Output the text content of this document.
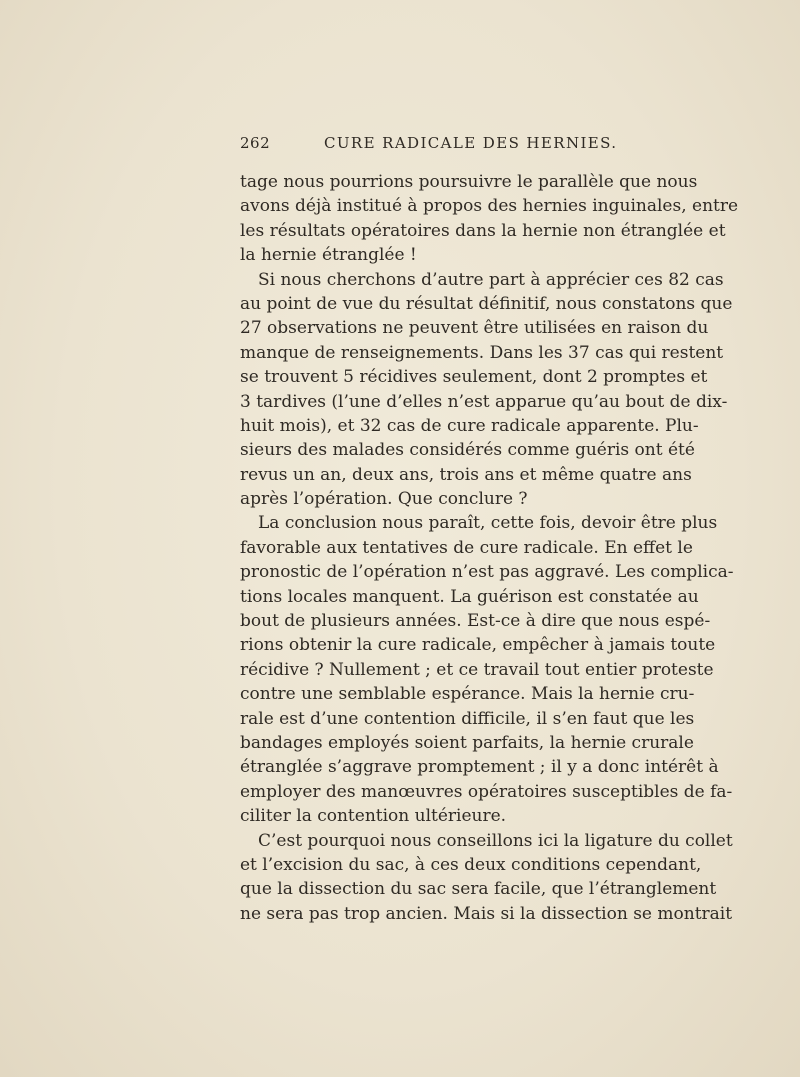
262	CURE RADICALE DES HERNIES.
tage nous pourrions poursuivre le parallèle que nous
avons déjà institué à propos des hernies inguinales, entre
les résultats opératoires dans la hernie non étranglée et
la hernie étranglée !
Si nous cherchons d’autre part à apprécier ces 82 cas
au point de vue du résultat définitif, nous constatons que
27 observations ne peuvent être utilisées en raison du
manque de renseignements. Dans les 37 cas qui restent
se trouvent 5 récidives seulement, dont 2 promptes et
3 tardives (l’une d’elles n’est apparue qu’au bout de dix-
huit mois), et 32 cas de cure radicale apparente. Plu-
sieurs des malades considérés comme guéris ont été
revus un an, deux ans, trois ans et même quatre ans
après l’opération. Que conclure ?
La conclusion nous paraît, cette fois, devoir être plus
favorable aux tentatives de cure radicale. En effet le
pronostic de l’opération n’est pas aggravé. Les complica-
tions locales manquent. La guérison est constatée au
bout de plusieurs années. Est-ce à dire que nous espé-
rions obtenir la cure radicale, empêcher à jamais toute
récidive ? Nullement ; et ce travail tout entier proteste
contre une semblable espérance. Mais la hernie cru-
rale est d’une contention difficile, il s’en faut que les
bandages employés soient parfaits, la hernie crurale
étranglée s’aggrave promptement ; il y a donc intérêt à
employer des manœuvres opératoires susceptibles de fa-
ciliter la contention ultérieure.
C’est pourquoi nous conseillons ici la ligature du collet
et l’excision du sac, à ces deux conditions cependant,
que la dissection du sac sera facile, que l’étranglement
ne sera pas trop ancien. Mais si la dissection se montrait
